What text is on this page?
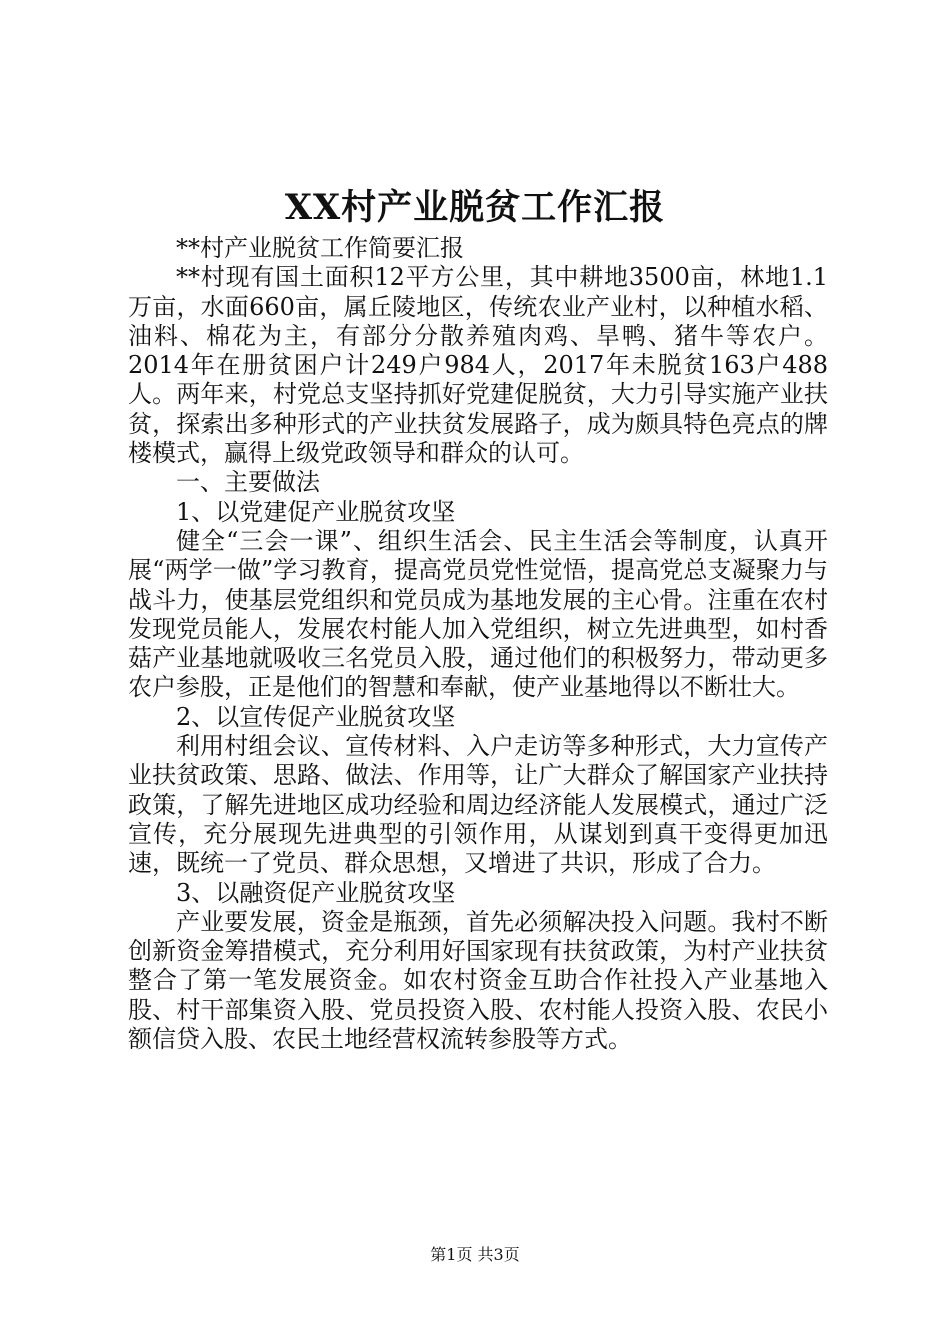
XX村产业脱贫工作汇报

**村产业脱贫工作简要汇报

**村现有国土面积12平方公里，其中耕地3500亩，林地1.1万亩，水面660亩，属丘陵地区，传统农业产业村，以种植水稻、油料、棉花为主，有部分分散养殖肉鸡、旱鸭、猪牛等农户。2014年在册贫困户计249户984人，2017年未脱贫163户488人。两年来，村党总支坚持抓好党建促脱贫，大力引导实施产业扶贫，探索出多种形式的产业扶贫发展路子，成为颇具特色亮点的牌楼模式，赢得上级党政领导和群众的认可。

一、主要做法

1、以党建促产业脱贫攻坚

健全“三会一课”、组织生活会、民主生活会等制度，认真开展“两学一做”学习教育，提高党员党性觉悟，提高党总支凝聚力与战斗力，使基层党组织和党员成为基地发展的主心骨。注重在农村发现党员能人，发展农村能人加入党组织，树立先进典型，如村香菇产业基地就吸收三名党员入股，通过他们的积极努力，带动更多农户参股，正是他们的智慧和奉献，使产业基地得以不断壮大。

2、以宣传促产业脱贫攻坚

利用村组会议、宣传材料、入户走访等多种形式，大力宣传产业扶贫政策、思路、做法、作用等，让广大群众了解国家产业扶持政策，了解先进地区成功经验和周边经济能人发展模式，通过广泛宣传，充分展现先进典型的引领作用，从谋划到真干变得更加迅速，既统一了党员、群众思想，又增进了共识，形成了合力。

3、以融资促产业脱贫攻坚

产业要发展，资金是瓶颈，首先必须解决投入问题。我村不断创新资金筹措模式，充分利用好国家现有扶贫政策，为村产业扶贫整合了第一笔发展资金。如农村资金互助合作社投入产业基地入股、村干部集资入股、党员投资入股、农村能人投资入股、农民小额信贷入股、农民土地经营权流转参股等方式。

第1页 共3页
